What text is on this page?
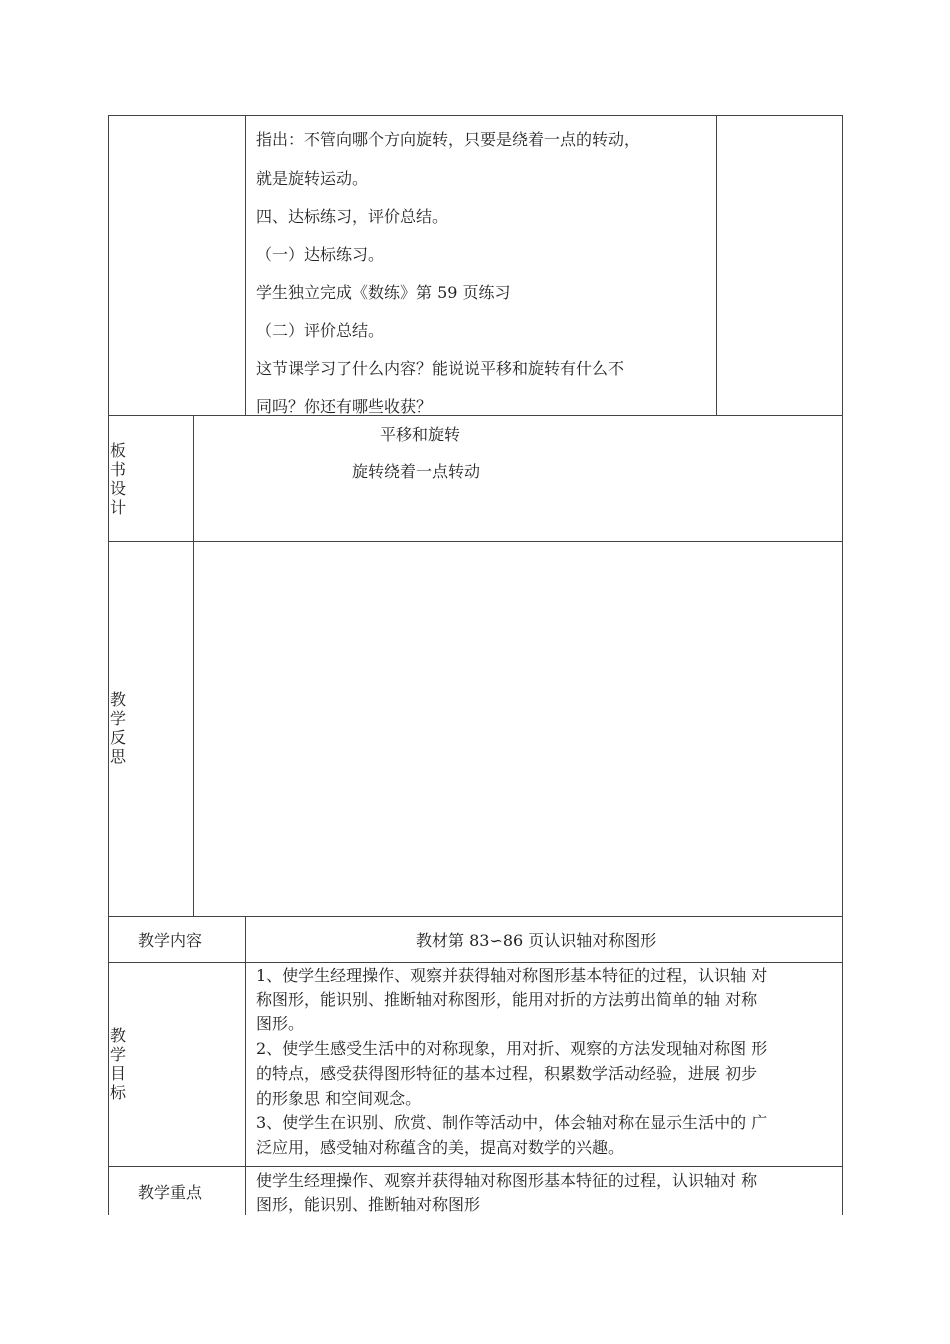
指出：不管向哪个方向旋转，只要是绕着一点的转动，
就是旋转运动。
四、达标练习，评价总结。
（一）达标练习。
学生独立完成《数练》第 59 页练习
（二）评价总结。
这节课学习了什么内容？能说说平移和旋转有什么不
同吗？你还有哪些收获？
板
书
设
计
平移和旋转
旋转绕着一点转动
教
学
反
思
教学内容	教材第 83∽86 页认识轴对称图形
教
学
目
标
1、使学生经理操作、观察并获得轴对称图形基本特征的过程，认识轴 对
称图形，能识别、推断轴对称图形，能用对折的方法剪出简单的轴 对称
图形。
2、使学生感受生活中的对称现象，用对折、观察的方法发现轴对称图 形
的特点，感受获得图形特征的基本过程，积累数学活动经验，进展 初步
的形象思 和空间观念。
3、使学生在识别、欣赏、制作等活动中，体会轴对称在显示生活中的 广
泛应用，感受轴对称蕴含的美，提高对数学的兴趣。
教学重点
使学生经理操作、观察并获得轴对称图形基本特征的过程，认识轴对 称
图形，能识别、推断轴对称图形
